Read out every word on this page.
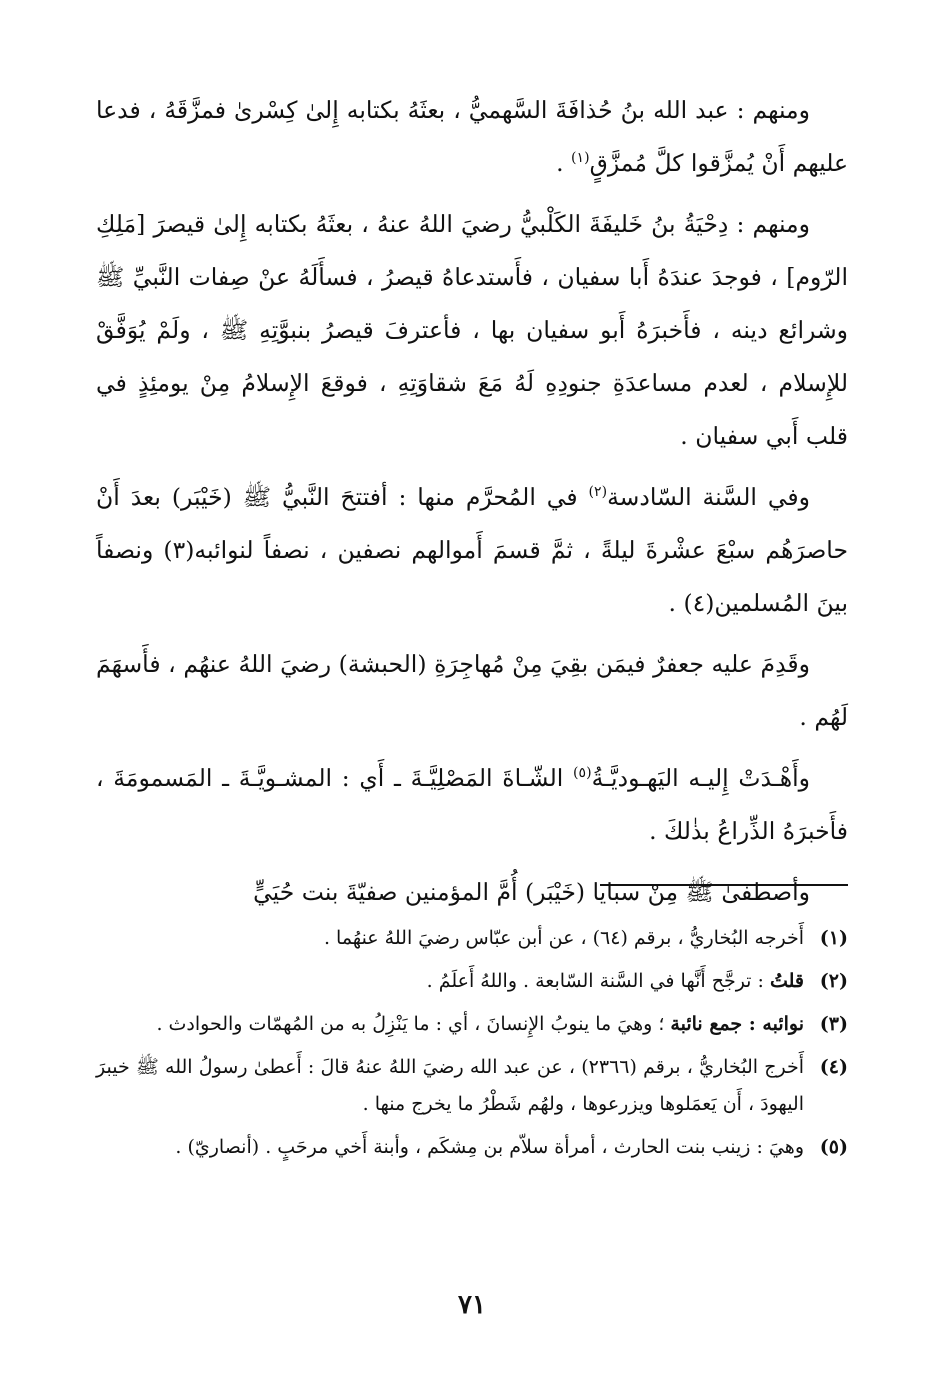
ومنهم : عبد الله بنُ حُذافَةَ السَّهميُّ ، بعثَهُ بكتابه إِلىٰ كِسْرىٰ فمزَّقَهُ ، فدعا عليهم أَنْ يُمزَّقوا كلَّ مُمزَّقٍ$^{(١)}$ .

ومنهم : دِحْيَةُ بنُ خَليفَةَ الكَلْبيُّ رضيَ اللهُ عنهُ ، بعثَهُ بكتابه إِلىٰ قيصرَ [مَلِكِ الرّوم] ، فوجدَ عندَهُ أَبا سفيان ، فأَستدعاهُ قيصرُ ، فسأَلَهُ عنْ صِفات النَّبيِّ ﷺ وشرائع دينه ، فأَخبرَهُ أَبو سفيان بها ، فأعترفَ قيصرُ بنبوَّتِهِ ﷺ ، ولَمْ يُوَفَّقْ للإِسلام ، لعدم مساعدَةِ جنودِهِ لَهُ مَعَ شقاوَتِهِ ، فوقعَ الإِسلامُ مِنْ يومئِذٍ في قلب أَبي سفيان .

وفي السَّنة السّادسة$^{(٢)}$ في المُحرَّم منها : أفتتحَ النَّبيُّ ﷺ (خَيْبَر) بعدَ أَنْ حاصرَهُم سبْعَ عشْرةَ ليلةً ، ثمَّ قسمَ أَموالهم نصفين ، نصفاً لنوائبه(٣) ونصفاً بينَ المُسلمين(٤) .

وقَدِمَ عليه جعفرٌ فيمَن بقِيَ مِنْ مُهاجِرَةِ (الحبشة) رضيَ اللهُ عنهُم ، فأَسهَمَ لَهُم .

وأَهْـدَتْ إِليـه اليَهـوديَّـةُ$^{(٥)}$ الشّـاةَ المَصْلِيَّـةَ ـ أَي : المشـويَّـةَ ـ المَسمومَةَ ، فأَخبرَهُ الذِّراعُ بذٰلكَ .

وأصطفىٰ ﷺ مِنْ سبايا (خَيْبَر) أُمَّ المؤمنين صفيّةَ بنت حُيَيٍّ

(١)
أَخرجه البُخاريُّ ، برقم (٦٤) ، عن أبن عبّاس رضيَ اللهُ عنهُما .
(٢)
قلتُ : ترجَّح أَنَّها في السَّنة السّابعة . واللهُ أَعلَمُ .
(٣)
نوائبه : جمع نائبة ؛ وهيَ ما ينوبُ الإِنسانَ ، أي : ما يَنْزِلُ به من المُهمّات والحوادث .
(٤)
أَخرج البُخاريُّ ، برقم (٢٣٦٦) ، عن عبد الله رضيَ اللهُ عنهُ قالَ : أَعطىٰ رسولُ الله ﷺ خيبرَ اليهودَ ، أَن يَعمَلوها ويزرعوها ، ولهُم شَطْرُ ما يخرج منها .
(٥)
وهيَ : زينب بنت الحارث ، أمرأة سلاّم بن مِشكَم ، وأبنة أَخي مرحَبٍ . (أنصاريّ) .
٧١
